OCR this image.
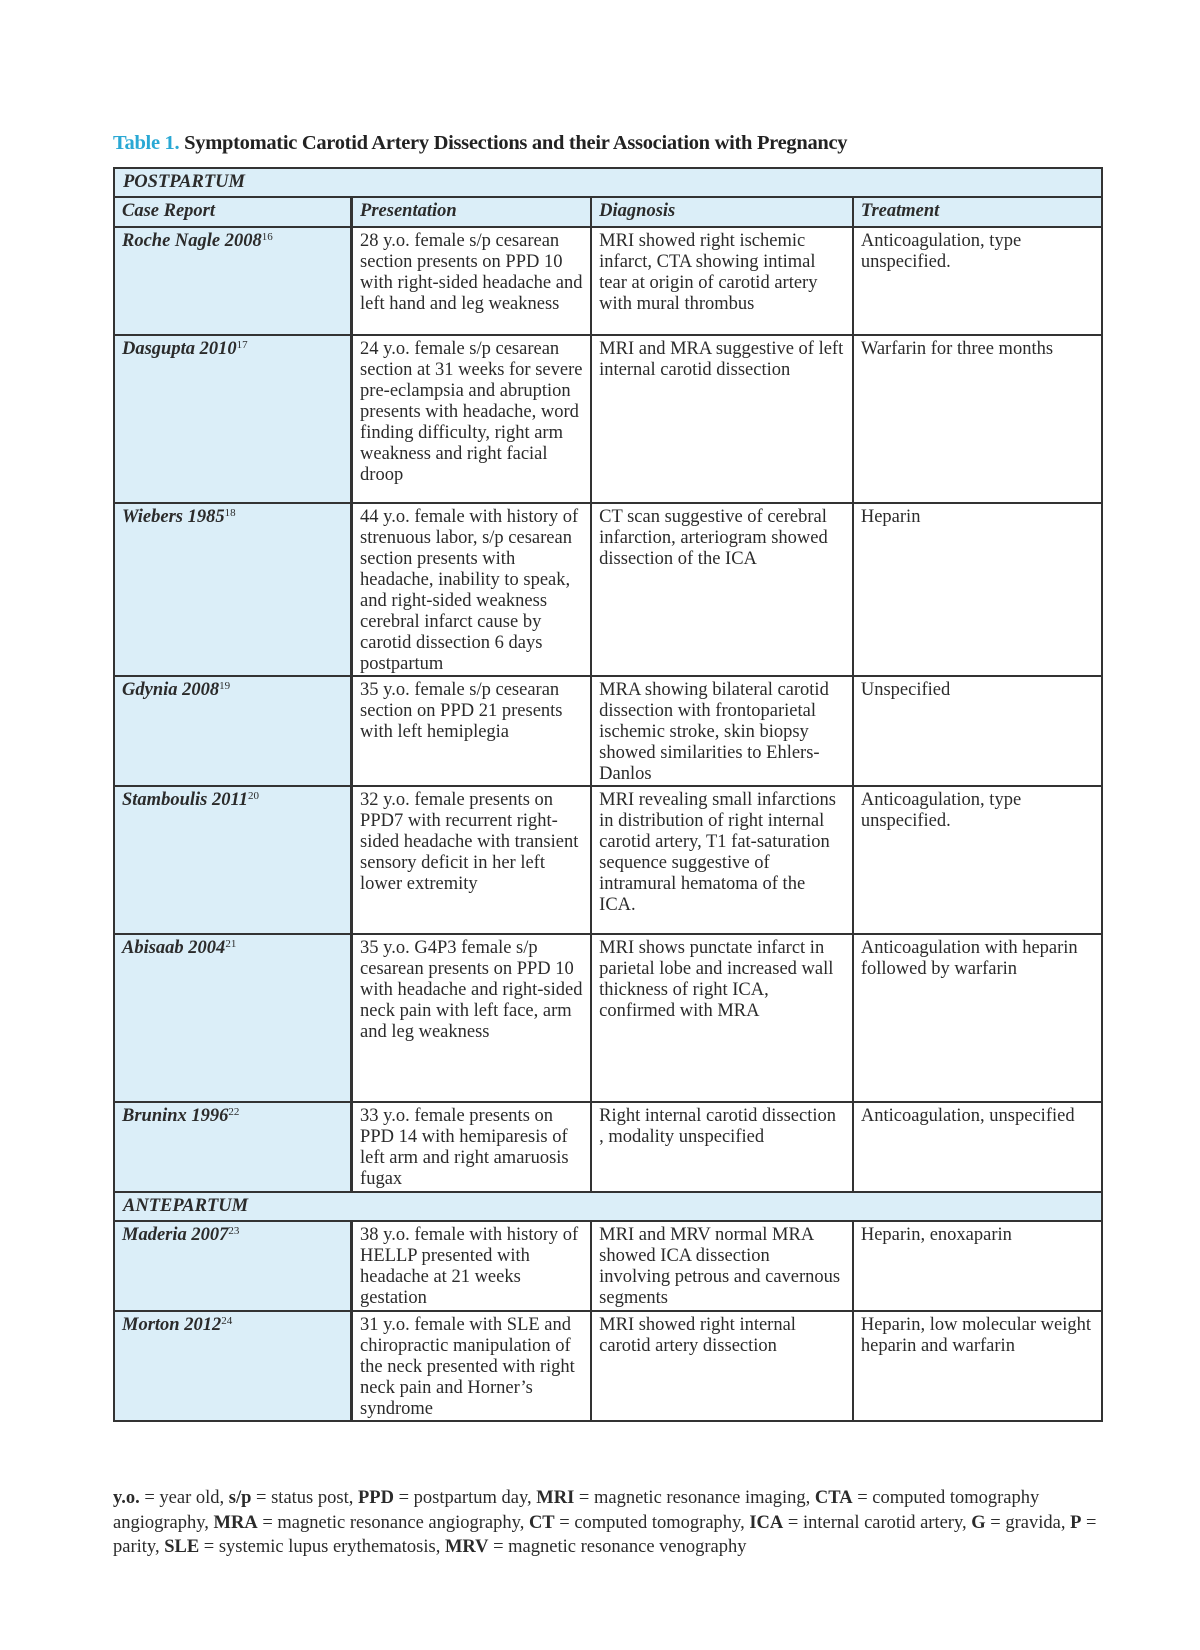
Table 1. Symptomatic Carotid Artery Dissections and their Association with Pregnancy
POSTPARTUM			
Case Report	Presentation	Diagnosis	Treatment
Roche Nagle 2008$^{16}$	28 y.o. female s/p cesarean section presents on PPD 10 with right-sided headache and left hand and leg weakness	MRI showed right ischemic infarct, CTA showing intimal tear at origin of carotid artery with mural thrombus	Anticoagulation, type unspecified.
Dasgupta 2010$^{17}$	24 y.o. female s/p cesarean section at 31 weeks for severe pre-eclampsia and abruption presents with headache, word finding difficulty, right arm weakness and right facial droop	MRI and MRA suggestive of left internal carotid dissection	Warfarin for three months
Wiebers 1985$^{18}$	44 y.o. female with history of strenuous labor, s/p cesarean section presents with headache, inability to speak, and right-sided weakness cerebral infarct cause by carotid dissection 6 days postpartum	CT scan suggestive of cerebral infarction, arteriogram showed dissection of the ICA	Heparin
Gdynia 2008$^{19}$	35 y.o. female s/p cesearan section on PPD 21 presents with left hemiplegia	MRA showing bilateral carotid dissection with frontoparietal ischemic stroke, skin biopsy showed similarities to Ehlers-Danlos	Unspecified
Stamboulis 2011$^{20}$	32 y.o. female presents on PPD7 with recurrent right-sided headache with transient sensory deficit in her left lower extremity	MRI revealing small infarctions in distribution of right internal carotid artery, T1 fat-saturation sequence suggestive of intramural hematoma of the ICA.	Anticoagulation, type unspecified.
Abisaab 2004$^{21}$	35 y.o. G4P3 female s/p cesarean presents on PPD 10 with headache and right-sided neck pain with left face, arm and leg weakness	MRI shows punctate infarct in parietal lobe and increased wall thickness of right ICA, confirmed with MRA	Anticoagulation with heparin followed by warfarin
Bruninx 1996$^{22}$	33 y.o. female presents on PPD 14 with hemiparesis of left arm and right amaruosis fugax	Right internal carotid dissection , modality unspecified	Anticoagulation, unspecified
ANTEPARTUM			
Maderia 2007$^{23}$	38 y.o. female with history of HELLP presented with headache at 21 weeks gestation	MRI and MRV normal MRA showed ICA dissection involving petrous and cavernous segments	Heparin, enoxaparin
Morton 2012$^{24}$	31 y.o. female with SLE and chiropractic manipulation of the neck presented with right neck pain and Horner’s syndrome	MRI showed right internal carotid artery dissection	Heparin, low molecular weight heparin and warfarin
y.o. = year old, s/p = status post, PPD = postpartum day, MRI = magnetic resonance imaging, CTA = computed tomography angiography, MRA = magnetic resonance angiography, CT = computed tomography, ICA = internal carotid artery, G = gravida, P = parity, SLE = systemic lupus erythematosis, MRV = magnetic resonance venography
